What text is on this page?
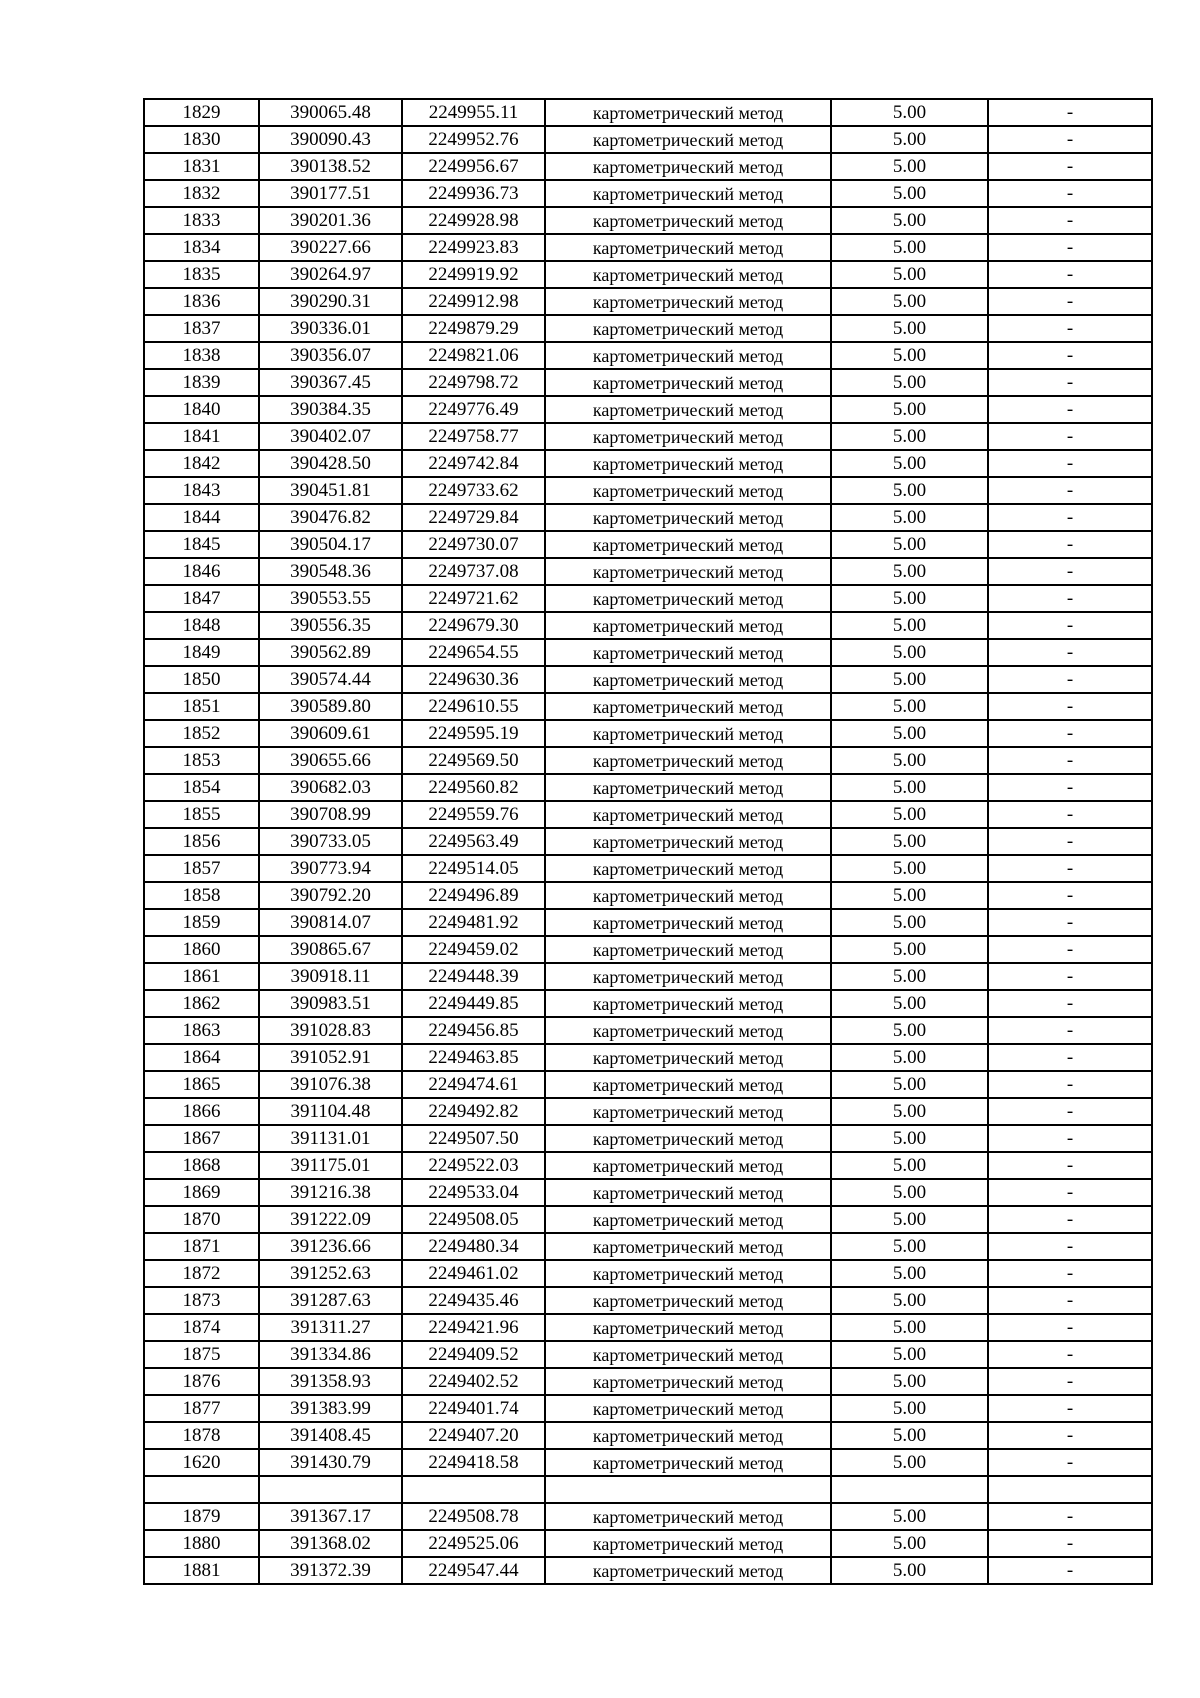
1829	390065.48	2249955.11	картометрический метод	5.00	-
1830	390090.43	2249952.76	картометрический метод	5.00	-
1831	390138.52	2249956.67	картометрический метод	5.00	-
1832	390177.51	2249936.73	картометрический метод	5.00	-
1833	390201.36	2249928.98	картометрический метод	5.00	-
1834	390227.66	2249923.83	картометрический метод	5.00	-
1835	390264.97	2249919.92	картометрический метод	5.00	-
1836	390290.31	2249912.98	картометрический метод	5.00	-
1837	390336.01	2249879.29	картометрический метод	5.00	-
1838	390356.07	2249821.06	картометрический метод	5.00	-
1839	390367.45	2249798.72	картометрический метод	5.00	-
1840	390384.35	2249776.49	картометрический метод	5.00	-
1841	390402.07	2249758.77	картометрический метод	5.00	-
1842	390428.50	2249742.84	картометрический метод	5.00	-
1843	390451.81	2249733.62	картометрический метод	5.00	-
1844	390476.82	2249729.84	картометрический метод	5.00	-
1845	390504.17	2249730.07	картометрический метод	5.00	-
1846	390548.36	2249737.08	картометрический метод	5.00	-
1847	390553.55	2249721.62	картометрический метод	5.00	-
1848	390556.35	2249679.30	картометрический метод	5.00	-
1849	390562.89	2249654.55	картометрический метод	5.00	-
1850	390574.44	2249630.36	картометрический метод	5.00	-
1851	390589.80	2249610.55	картометрический метод	5.00	-
1852	390609.61	2249595.19	картометрический метод	5.00	-
1853	390655.66	2249569.50	картометрический метод	5.00	-
1854	390682.03	2249560.82	картометрический метод	5.00	-
1855	390708.99	2249559.76	картометрический метод	5.00	-
1856	390733.05	2249563.49	картометрический метод	5.00	-
1857	390773.94	2249514.05	картометрический метод	5.00	-
1858	390792.20	2249496.89	картометрический метод	5.00	-
1859	390814.07	2249481.92	картометрический метод	5.00	-
1860	390865.67	2249459.02	картометрический метод	5.00	-
1861	390918.11	2249448.39	картометрический метод	5.00	-
1862	390983.51	2249449.85	картометрический метод	5.00	-
1863	391028.83	2249456.85	картометрический метод	5.00	-
1864	391052.91	2249463.85	картометрический метод	5.00	-
1865	391076.38	2249474.61	картометрический метод	5.00	-
1866	391104.48	2249492.82	картометрический метод	5.00	-
1867	391131.01	2249507.50	картометрический метод	5.00	-
1868	391175.01	2249522.03	картометрический метод	5.00	-
1869	391216.38	2249533.04	картометрический метод	5.00	-
1870	391222.09	2249508.05	картометрический метод	5.00	-
1871	391236.66	2249480.34	картометрический метод	5.00	-
1872	391252.63	2249461.02	картометрический метод	5.00	-
1873	391287.63	2249435.46	картометрический метод	5.00	-
1874	391311.27	2249421.96	картометрический метод	5.00	-
1875	391334.86	2249409.52	картометрический метод	5.00	-
1876	391358.93	2249402.52	картометрический метод	5.00	-
1877	391383.99	2249401.74	картометрический метод	5.00	-
1878	391408.45	2249407.20	картометрический метод	5.00	-
1620	391430.79	2249418.58	картометрический метод	5.00	-

1879	391367.17	2249508.78	картометрический метод	5.00	-
1880	391368.02	2249525.06	картометрический метод	5.00	-
1881	391372.39	2249547.44	картометрический метод	5.00	-
